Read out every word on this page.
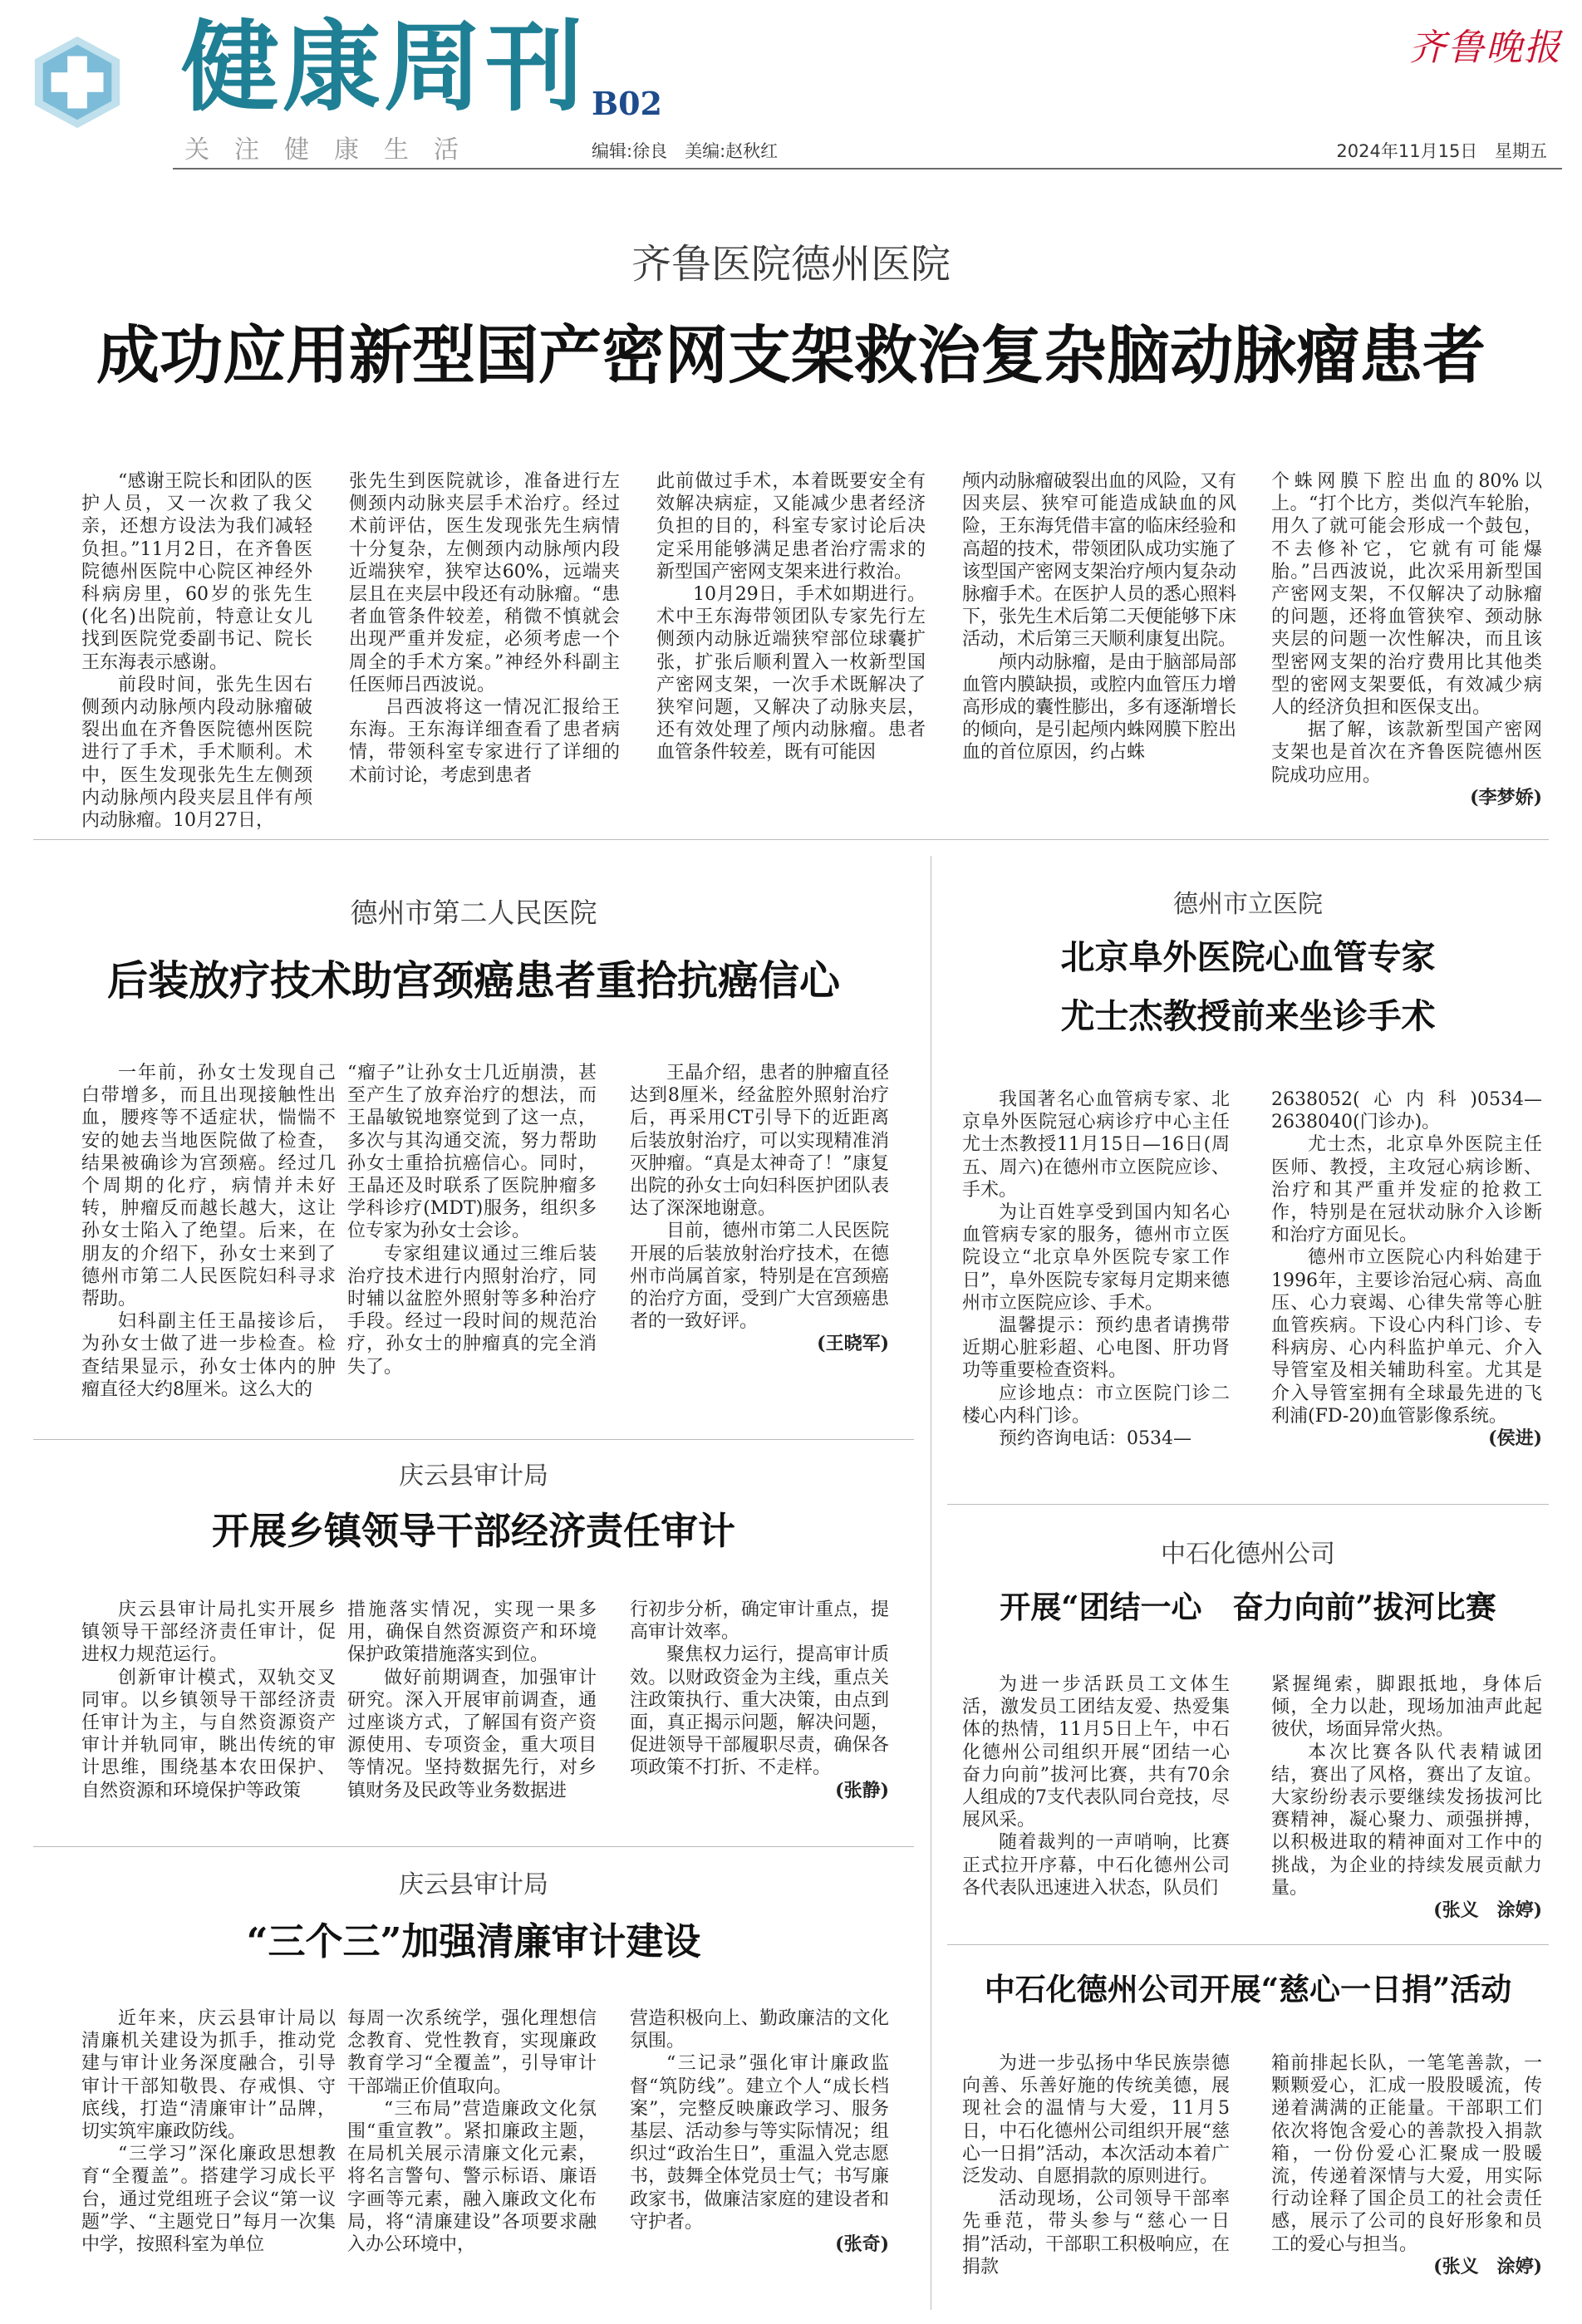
健康周刊
关注健康生活
B02
编辑:徐良　美编:赵秋红
齐鲁晚报
2024年11月15日 星期五
齐鲁医院德州医院
成功应用新型国产密网支架救治复杂脑动脉瘤患者

“感谢王院长和团队的医护人员，又一次救了我父亲，还想方设法为我们减轻负担。”11月2日，在齐鲁医院德州医院中心院区神经外科病房里，60岁的张先生(化名)出院前，特意让女儿找到医院党委副书记、院长王东海表示感谢。

前段时间，张先生因右侧颈内动脉颅内段动脉瘤破裂出血在齐鲁医院德州医院进行了手术，手术顺利。术中，医生发现张先生左侧颈内动脉颅内段夹层且伴有颅内动脉瘤。10月27日，

张先生到医院就诊，准备进行左侧颈内动脉夹层手术治疗。经过术前评估，医生发现张先生病情十分复杂，左侧颈内动脉颅内段近端狭窄，狭窄达60%，远端夹层且在夹层中段还有动脉瘤。“患者血管条件较差，稍微不慎就会出现严重并发症，必须考虑一个周全的手术方案。”神经外科副主任医师吕西波说。

吕西波将这一情况汇报给王东海。王东海详细查看了患者病情，带领科室专家进行了详细的术前讨论，考虑到患者

此前做过手术，本着既要安全有效解决病症，又能减少患者经济负担的目的，科室专家讨论后决定采用能够满足患者治疗需求的新型国产密网支架来进行救治。

10月29日，手术如期进行。术中王东海带领团队专家先行左侧颈内动脉近端狭窄部位球囊扩张，扩张后顺利置入一枚新型国产密网支架，一次手术既解决了狭窄问题，又解决了动脉夹层，还有效处理了颅内动脉瘤。患者血管条件较差，既有可能因

颅内动脉瘤破裂出血的风险，又有因夹层、狭窄可能造成缺血的风险，王东海凭借丰富的临床经验和高超的技术，带领团队成功实施了该型国产密网支架治疗颅内复杂动脉瘤手术。在医护人员的悉心照料下，张先生术后第二天便能够下床活动，术后第三天顺利康复出院。

颅内动脉瘤，是由于脑部局部血管内膜缺损，或腔内血管压力增高形成的囊性膨出，多有逐渐增长的倾向，是引起颅内蛛网膜下腔出血的首位原因，约占蛛

个蛛网膜下腔出血的80%以上。“打个比方，类似汽车轮胎，用久了就可能会形成一个鼓包，不去修补它，它就有可能爆胎。”吕西波说，此次采用新型国产密网支架，不仅解决了动脉瘤的问题，还将血管狭窄、颈动脉夹层的问题一次性解决，而且该型密网支架的治疗费用比其他类型的密网支架要低，有效减少病人的经济负担和医保支出。

据了解，该款新型国产密网支架也是首次在齐鲁医院德州医院成功应用。

(李梦娇)
德州市第二人民医院
后装放疗技术助宫颈癌患者重拾抗癌信心

一年前，孙女士发现自己白带增多，而且出现接触性出血，腰疼等不适症状，惴惴不安的她去当地医院做了检查，结果被确诊为宫颈癌。经过几个周期的化疗，病情并未好转，肿瘤反而越长越大，这让孙女士陷入了绝望。后来，在朋友的介绍下，孙女士来到了德州市第二人民医院妇科寻求帮助。

妇科副主任王晶接诊后，为孙女士做了进一步检查。检查结果显示，孙女士体内的肿瘤直径大约8厘米。这么大的

“瘤子”让孙女士几近崩溃，甚至产生了放弃治疗的想法，而王晶敏锐地察觉到了这一点，多次与其沟通交流，努力帮助孙女士重拾抗癌信心。同时，王晶还及时联系了医院肿瘤多学科诊疗(MDT)服务，组织多位专家为孙女士会诊。

专家组建议通过三维后装治疗技术进行内照射治疗，同时辅以盆腔外照射等多种治疗手段。经过一段时间的规范治疗，孙女士的肿瘤真的完全消失了。

王晶介绍，患者的肿瘤直径达到8厘米，经盆腔外照射治疗后，再采用CT引导下的近距离后装放射治疗，可以实现精准消灭肿瘤。“真是太神奇了！”康复出院的孙女士向妇科医护团队表达了深深地谢意。

目前，德州市第二人民医院开展的后装放射治疗技术，在德州市尚属首家，特别是在宫颈癌的治疗方面，受到广大宫颈癌患者的一致好评。

(王晓军)
德州市立医院
北京阜外医院心血管专家
尤士杰教授前来坐诊手术

我国著名心血管病专家、北京阜外医院冠心病诊疗中心主任尤士杰教授11月15日—16日(周五、周六)在德州市立医院应诊、手术。

为让百姓享受到国内知名心血管病专家的服务，德州市立医院设立“北京阜外医院专家工作日”，阜外医院专家每月定期来德州市立医院应诊、手术。

温馨提示：预约患者请携带近期心脏彩超、心电图、肝功肾功等重要检查资料。

应诊地点：市立医院门诊二楼心内科门诊。

预约咨询电话：0534—

2638052(心内科)0534—2638040(门诊办)。

尤士杰，北京阜外医院主任医师、教授，主攻冠心病诊断、治疗和其严重并发症的抢救工作，特别是在冠状动脉介入诊断和治疗方面见长。

德州市立医院心内科始建于1996年，主要诊治冠心病、高血压、心力衰竭、心律失常等心脏血管疾病。下设心内科门诊、专科病房、心内科监护单元、介入导管室及相关辅助科室。尤其是介入导管室拥有全球最先进的飞利浦(FD-20)血管影像系统。

(侯进)
庆云县审计局
开展乡镇领导干部经济责任审计

庆云县审计局扎实开展乡镇领导干部经济责任审计，促进权力规范运行。

创新审计模式，双轨交叉同审。以乡镇领导干部经济责任审计为主，与自然资源资产审计并轨同审，眺出传统的审计思维，围绕基本农田保护、自然资源和环境保护等政策

措施落实情况，实现一果多用，确保自然资源资产和环境保护政策措施落实到位。

做好前期调查，加强审计研究。深入开展审前调查，通过座谈方式，了解国有资产资源使用、专项资金，重大项目等情况。坚持数据先行，对乡镇财务及民政等业务数据进

行初步分析，确定审计重点，提高审计效率。

聚焦权力运行，提高审计质效。以财政资金为主线，重点关注政策执行、重大决策，由点到面，真正揭示问题，解决问题，促进领导干部履职尽责，确保各项政策不打折、不走样。

(张静)
庆云县审计局
“三个三”加强清廉审计建设

近年来，庆云县审计局以清廉机关建设为抓手，推动党建与审计业务深度融合，引导审计干部知敬畏、存戒惧、守底线，打造“清廉审计”品牌，切实筑牢廉政防线。

“三学习”深化廉政思想教育“全覆盖”。搭建学习成长平台，通过党组班子会议“第一议题”学、“主题党日”每月一次集中学，按照科室为单位

每周一次系统学，强化理想信念教育、党性教育，实现廉政教育学习“全覆盖”，引导审计干部端正价值取向。

“三布局”营造廉政文化氛围“重宣教”。紧扣廉政主题，在局机关展示清廉文化元素，将名言警句、警示标语、廉语字画等元素，融入廉政文化布局，将“清廉建设”各项要求融入办公环境中，

营造积极向上、勤政廉洁的文化氛围。

“三记录”强化审计廉政监督“筑防线”。建立个人“成长档案”，完整反映廉政学习、服务基层、活动参与等实际情况；组织过“政治生日”，重温入党志愿书，鼓舞全体党员士气；书写廉政家书，做廉洁家庭的建设者和守护者。

(张奇)
中石化德州公司
开展“团结一心　奋力向前”拔河比赛

为进一步活跃员工文体生活，激发员工团结友爱、热爱集体的热情，11月5日上午，中石化德州公司组织开展“团结一心　奋力向前”拔河比赛，共有70余人组成的7支代表队同台竞技，尽展风采。

随着裁判的一声哨响，比赛正式拉开序幕，中石化德州公司各代表队迅速进入状态，队员们

紧握绳索，脚跟抵地，身体后倾，全力以赴，现场加油声此起彼伏，场面异常火热。

本次比赛各队代表精诚团结，赛出了风格，赛出了友谊。大家纷纷表示要继续发扬拔河比赛精神，凝心聚力、顽强拼搏，以积极进取的精神面对工作中的挑战，为企业的持续发展贡献力量。

(张义　涂婷)
中石化德州公司开展“慈心一日捐”活动

为进一步弘扬中华民族崇德向善、乐善好施的传统美德，展现社会的温情与大爱，11月5日，中石化德州公司组织开展“慈心一日捐”活动，本次活动本着广泛发动、自愿捐款的原则进行。

活动现场，公司领导干部率先垂范，带头参与“慈心一日捐”活动，干部职工积极响应，在捐款

箱前排起长队，一笔笔善款，一颗颗爱心，汇成一股股暖流，传递着满满的正能量。干部职工们依次将饱含爱心的善款投入捐款箱，一份份爱心汇聚成一股暖流，传递着深情与大爱，用实际行动诠释了国企员工的社会责任感，展示了公司的良好形象和员工的爱心与担当。

(张义　涂婷)
